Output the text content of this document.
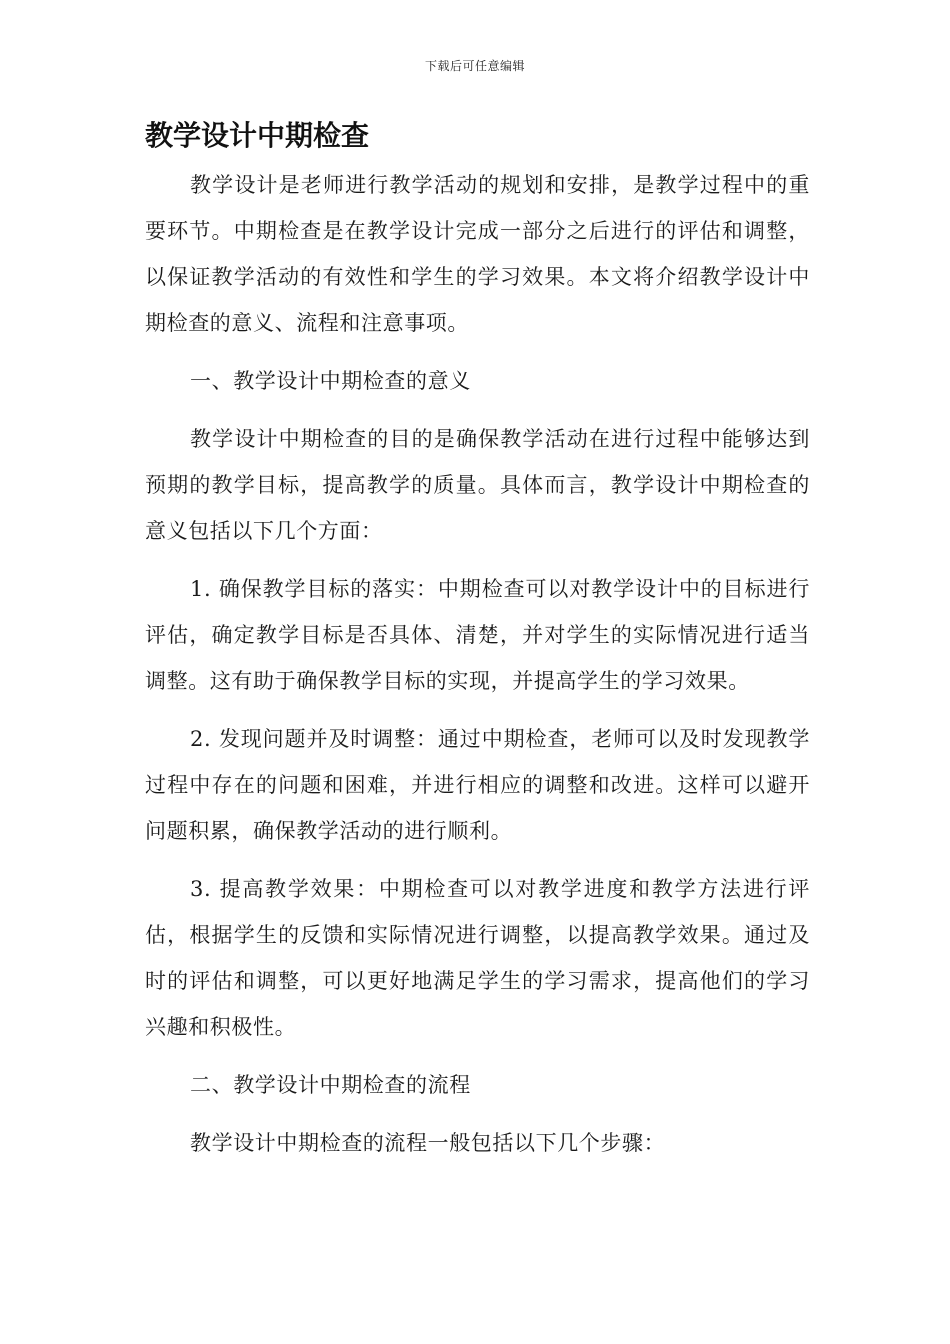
下载后可任意编辑
教学设计中期检查

教学设计是老师进行教学活动的规划和安排，是教学过程中的重要环节。中期检查是在教学设计完成一部分之后进行的评估和调整，以保证教学活动的有效性和学生的学习效果。本文将介绍教学设计中期检查的意义、流程和注意事项。

一、教学设计中期检查的意义

教学设计中期检查的目的是确保教学活动在进行过程中能够达到预期的教学目标，提高教学的质量。具体而言，教学设计中期检查的意义包括以下几个方面：

1. 确保教学目标的落实：中期检查可以对教学设计中的目标进行评估，确定教学目标是否具体、清楚，并对学生的实际情况进行适当调整。这有助于确保教学目标的实现，并提高学生的学习效果。

2. 发现问题并及时调整：通过中期检查，老师可以及时发现教学过程中存在的问题和困难，并进行相应的调整和改进。这样可以避开问题积累，确保教学活动的进行顺利。

3. 提高教学效果：中期检查可以对教学进度和教学方法进行评估，根据学生的反馈和实际情况进行调整，以提高教学效果。通过及时的评估和调整，可以更好地满足学生的学习需求，提高他们的学习兴趣和积极性。

二、教学设计中期检查的流程

教学设计中期检查的流程一般包括以下几个步骤：
